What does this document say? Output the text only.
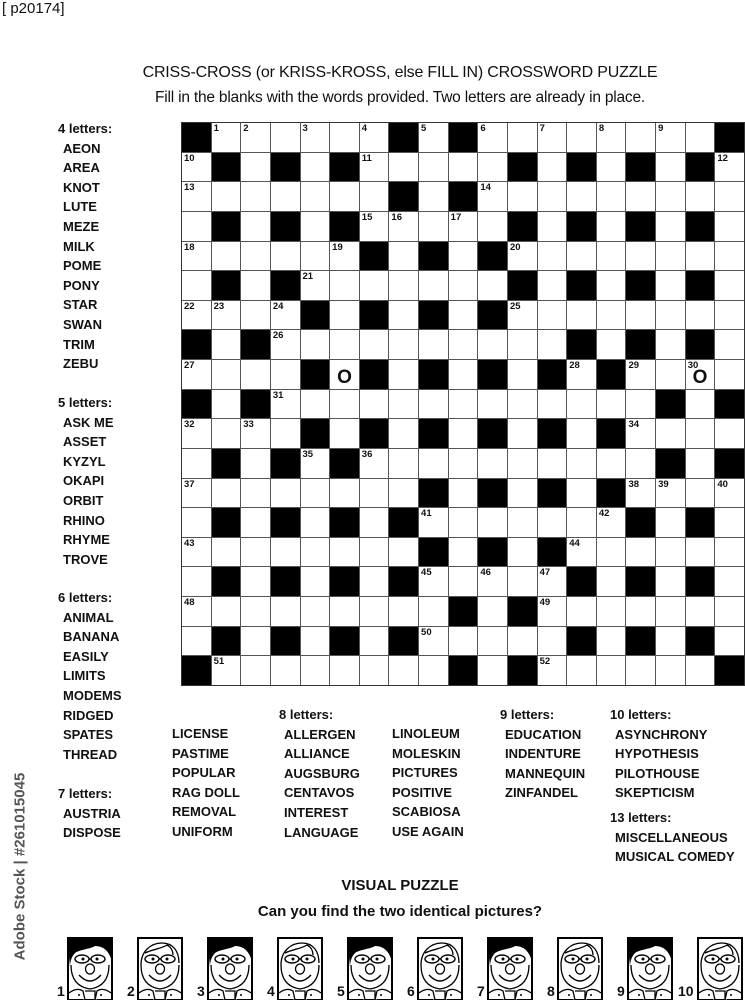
[ p20174]
CRISS-CROSS (or KRISS-KROSS, else FILL IN) CROSSWORD PUZZLE
Fill in the blanks with the words provided. Two letters are already in place.
1	2	3	4	5	6	7	8	9
10	11	12
13	14
15 16	17
18	19	20
21
22 23	24	25
26
27
O
28	29	30
O
31
32	33	34
35	36
37	38 39	40
41	42
43	44
45	46	47
48	49
50
51	52
4 letters:
AEON
AREA
KNOT
LUTE
MEZE
MILK
POME
PONY
STAR
SWAN
TRIM
ZEBU
5 letters:
ASK ME
ASSET
KYZYL
OKAPI
ORBIT
RHINO
RHYME
TROVE
6 letters:
ANIMAL
BANANA
EASILY
LIMITS
MODEMS
RIDGED
SPATES
THREAD
7 letters:
AUSTRIA
DISPOSE
LICENSE
PASTIME
POPULAR
RAG DOLL
REMOVAL
UNIFORM
8 letters:
ALLERGEN
ALLIANCE
AUGSBURG
CENTAVOS
INTEREST
LANGUAGE
LINOLEUM
MOLESKIN
PICTURES
POSITIVE
SCABIOSA
USE AGAIN
9 letters:
EDUCATION
INDENTURE
MANNEQUIN
ZINFANDEL
10 letters:
ASYNCHRONY
HYPOTHESIS
PILOTHOUSE
SKEPTICISM
13 letters:
MISCELLANEOUS
MUSICAL COMEDY
VISUAL PUZZLE
Can you find the two identical pictures?
1	2	3	4	5	6	7	8	9	10
Adobe Stock | #261015045
